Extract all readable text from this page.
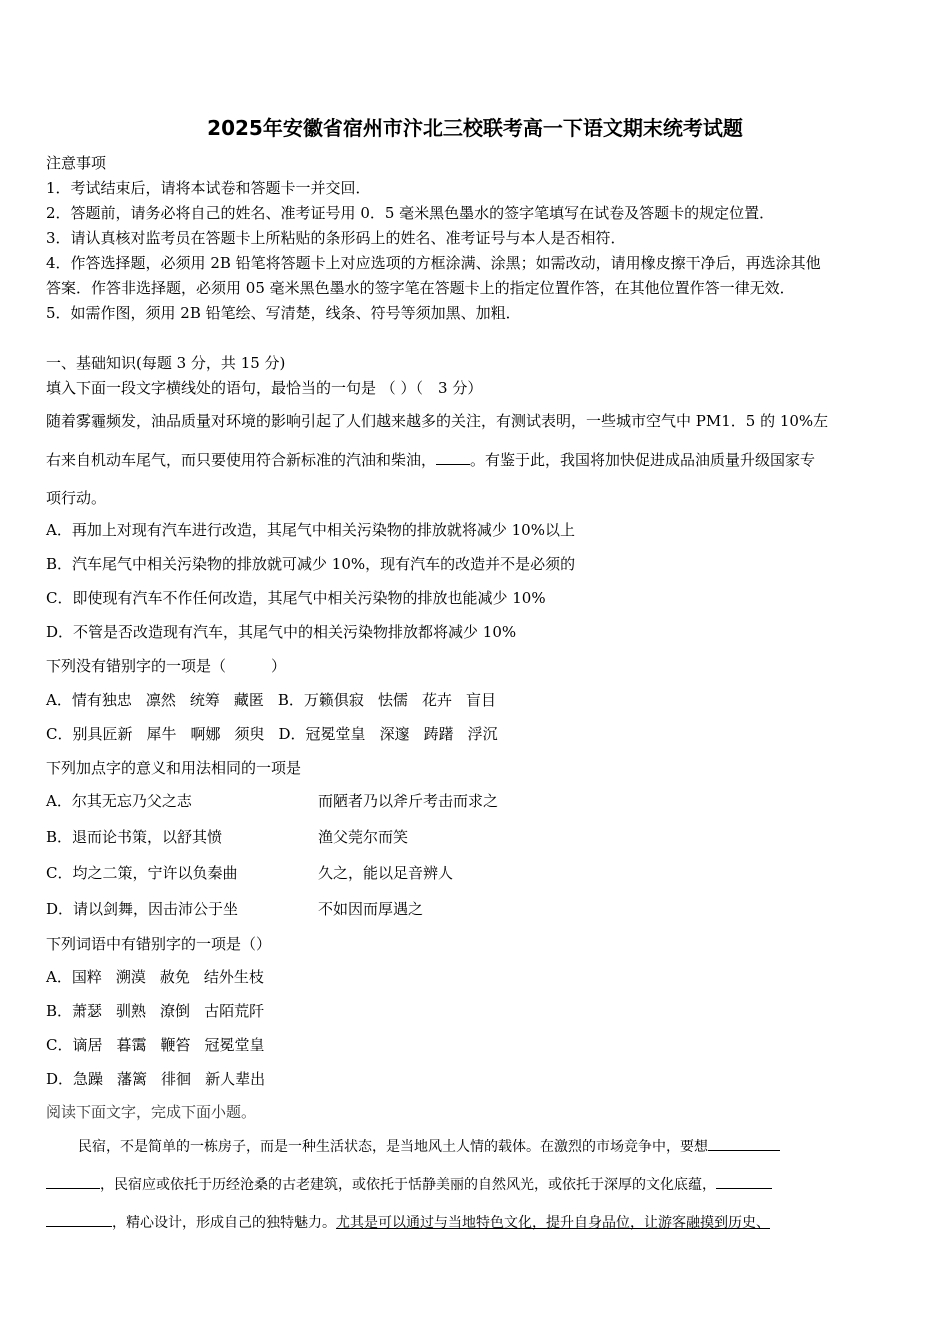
2025年安徽省宿州市汴北三校联考高一下语文期末统考试题
注意事项
1．考试结束后，请将本试卷和答题卡一并交回．
2．答题前，请务必将自己的姓名、准考证号用 0．5 毫米黑色墨水的签字笔填写在试卷及答题卡的规定位置．
3．请认真核对监考员在答题卡上所粘贴的条形码上的姓名、准考证号与本人是否相符．
4．作答选择题，必须用 2B 铅笔将答题卡上对应选项的方框涂满、涂黑；如需改动，请用橡皮擦干净后，再选涂其他
答案．作答非选择题，必须用 05 毫米黑色墨水的签字笔在答题卡上的指定位置作答，在其他位置作答一律无效．
5．如需作图，须用 2B 铅笔绘、写清楚，线条、符号等须加黑、加粗．
一、基础知识(每题 3 分，共 15 分)
填入下面一段文字横线处的语句，最恰当的一句是 （ ）（　3 分）
随着雾霾频发，油品质量对环境的影响引起了人们越来越多的关注，有测试表明，一些城市空气中 PM1．5 的 10%左
右来自机动车尾气，而只要使用符合新标准的汽油和柴油， 。有鉴于此，我国将加快促进成品油质量升级国家专
项行动。
A．再加上对现有汽车进行改造，其尾气中相关污染物的排放就将减少 10%以上
B．汽车尾气中相关污染物的排放就可减少 10%，现有汽车的改造并不是必须的
C．即使现有汽车不作任何改造，其尾气中相关污染物的排放也能减少 10%
D．不管是否改造现有汽车，其尾气中的相关污染物排放都将减少 10%
下列没有错别字的一项是（　　　）
A．情有独忠 凛然 统筹 藏匿 B．万籁俱寂 怯儒 花卉 盲目
C．别具匠新 犀牛 啊娜 须臾 D．冠冕堂皇 深邃 踌躇 浮沉
下列加点字的意义和用法相同的一项是
A．尔其无忘乃父之志	而陋者乃以斧斤考击而求之
B．退而论书策，以舒其愤	渔父莞尔而笑
C．均之二策，宁许以负秦曲	久之，能以足音辨人
D．请以剑舞，因击沛公于坐	不如因而厚遇之
下列词语中有错别字的一项是（）
A．国粹 溯漠 赦免 结外生枝
B．萧瑟 驯熟 潦倒 古陌荒阡
C．谪居 暮霭 鞭笞 冠冕堂皇
D．急躁 藩篱 徘徊 新人辈出
阅读下面文字，完成下面小题。
民宿，不是简单的一栋房子，而是一种生活状态，是当地风土人情的载体。在激烈的市场竞争中，要想
，民宿应或依托于历经沧桑的古老建筑，或依托于恬静美丽的自然风光，或依托于深厚的文化底蕴，
，精心设计，形成自己的独特魅力。尤其是可以通过与当地特色文化，提升自身品位，让游客融摸到历史、
